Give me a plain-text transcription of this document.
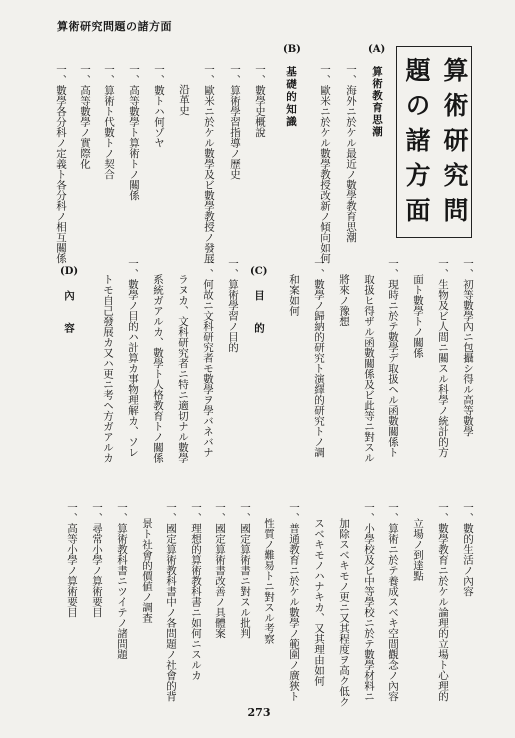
算術研究問題の諸方面
算術研究問
題の諸方面
(A)
算術教育思潮
一、海外ニ於ケル最近ノ數學教育思潮
一、歐米ニ於ケル數學教授改新ノ傾向如何
(B)
基礎的知識
一、數學史概說
一、算術學習指導ノ歷史
一、歐米ニ於ケル數學及ビ數學教授ノ發展
沿革史
一、數トハ何ゾヤ
一、高等數學ト算術トノ關係
一、算術ト代數トノ契合
一、高等數學ノ實際化
一、數學各分科ノ定義ト各分科ノ相互關係
一、初等數學內ニ包攝シ得ル高等數學
一、生物及ビ人間ニ關スル科學ノ統計的方
面ト數學トノ關係
一、現時ニ於テ數學デ取扱ヘル函數關係ト
取扱ヒ得ザル函數關係及ビ此等ニ對スル
將來ノ豫想
一、數學ノ歸納的研究ト演繹的研究トノ調
和案如何
(C)
目的
一、算術學習ノ目的
一、何故ニ文科研究者モ數學ヲ學バネバナ
ラヌカ、文科研究者ニ特ニ適切ナル數學
系統ガアルカ、數學ト人格教育トノ關係
一、數學ノ目的ハ計算カ事物理解カ、ソレ
トモ自己發展カ又ハ更ニ考ヘ方ガアルカ
(D)
內容
一、數的生活ノ內容
一、數學教育ニ於ケル論理的立場ト心理的
立場ノ到達點
一、算術ニ於テ養成スベキ空間觀念ノ內容
一、小學校及ビ中等學校ニ於テ數學材料ニ
加除スベキモノ更ニ又其程度ヲ高ク低ク
スベキモノハナキカ、又其理由如何
一、普通教育ニ於ケル數學ノ範圍ノ廣狹ト
性質ノ難易トニ對スル考察
一、國定算術書ニ對スル批判
一、國定算術書改善ノ具體案
一、理想的算術教科書ニ如何ニスルカ
一、國定算術教科書中ノ各問題ノ社會的背
景ト社會的價値ノ調査
一、算術教科書ニツイテノ諸問題
一、尋常小學ノ算術要目
一、高等小學ノ算術要目
273
